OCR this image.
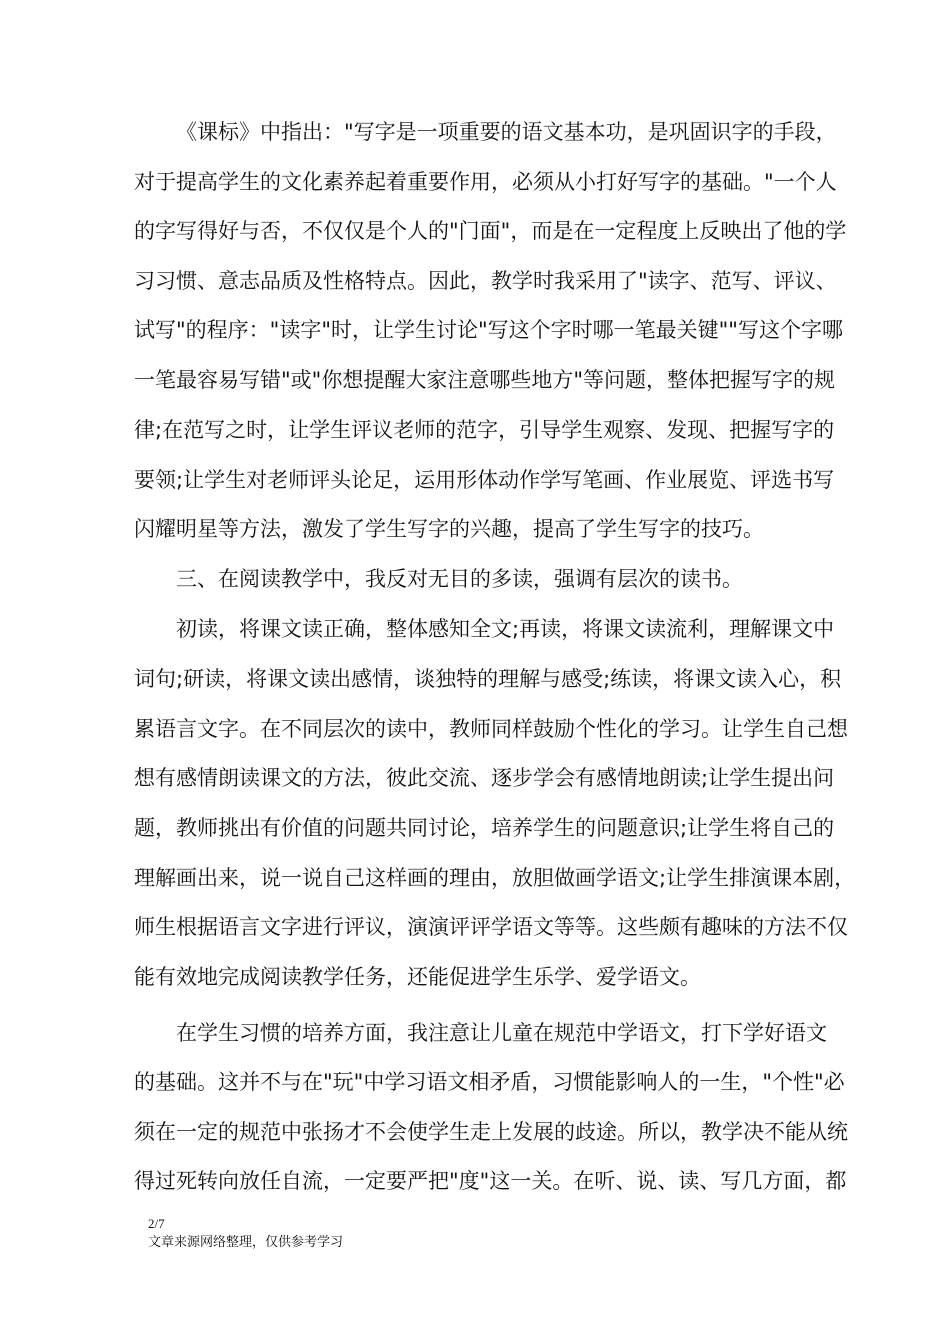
《课标》中指出："写字是一项重要的语文基本功，是巩固识字的手段，
对于提高学生的文化素养起着重要作用，必须从小打好写字的基础。"一个人
的字写得好与否，不仅仅是个人的"门面"，而是在一定程度上反映出了他的学
习习惯、意志品质及性格特点。因此，教学时我采用了"读字、范写、评议、
试写"的程序："读字"时，让学生讨论"写这个字时哪一笔最关键""写这个字哪
一笔最容易写错"或"你想提醒大家注意哪些地方"等问题，整体把握写字的规
律;在范写之时，让学生评议老师的范字，引导学生观察、发现、把握写字的
要领;让学生对老师评头论足，运用形体动作学写笔画、作业展览、评选书写
闪耀明星等方法，激发了学生写字的兴趣，提高了学生写字的技巧。
三、在阅读教学中，我反对无目的多读，强调有层次的读书。
初读，将课文读正确，整体感知全文;再读，将课文读流利，理解课文中
词句;研读，将课文读出感情，谈独特的理解与感受;练读，将课文读入心，积
累语言文字。在不同层次的读中，教师同样鼓励个性化的学习。让学生自己想
想有感情朗读课文的方法，彼此交流、逐步学会有感情地朗读;让学生提出问
题，教师挑出有价值的问题共同讨论，培养学生的问题意识;让学生将自己的
理解画出来，说一说自己这样画的理由，放胆做画学语文;让学生排演课本剧，
师生根据语言文字进行评议，演演评评学语文等等。这些颇有趣味的方法不仅
能有效地完成阅读教学任务，还能促进学生乐学、爱学语文。
在学生习惯的培养方面，我注意让儿童在规范中学语文，打下学好语文
的基础。这并不与在"玩"中学习语文相矛盾，习惯能影响人的一生，"个性"必
须在一定的规范中张扬才不会使学生走上发展的歧途。所以，教学决不能从统
得过死转向放任自流，一定要严把"度"这一关。在听、说、读、写几方面，都
2/7
文章来源网络整理，仅供参考学习
